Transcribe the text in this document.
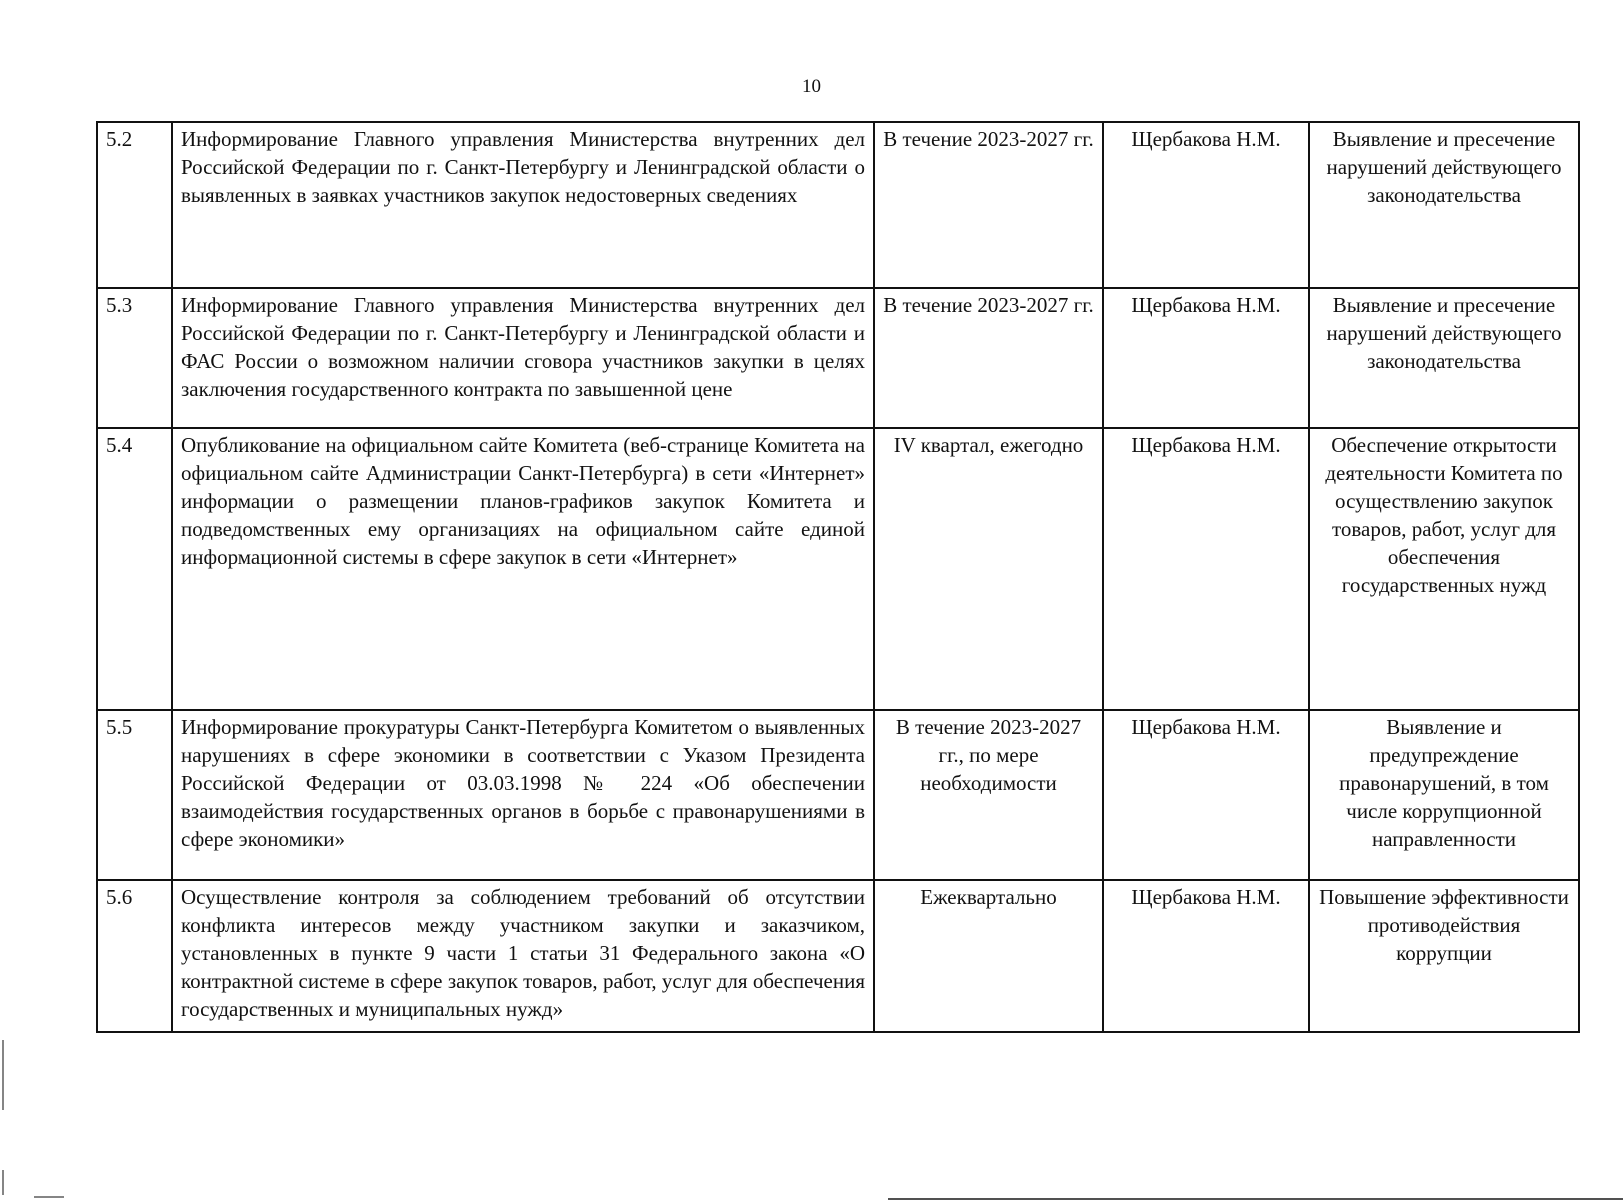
10
5.2	Информирование Главного управления Министерства внутренних дел Российской Федерации по г. Санкт-Петербургу и Ленинградской области о выявленных в заявках участников закупок недостоверных сведениях	В течение 2023-2027 гг.	Щербакова Н.М.	Выявление и пресечение нарушений действующего законодательства
5.3	Информирование Главного управления Министерства внутренних дел Российской Федерации по г. Санкт-Петербургу и Ленинградской области и ФАС России о возможном наличии сговора участников закупки в целях заключения государственного контракта по завышенной цене	В течение 2023-2027 гг.	Щербакова Н.М.	Выявление и пресечение нарушений действующего законодательства
5.4	Опубликование на официальном сайте Комитета (веб-странице Комитета на официальном сайте Администрации Санкт-Петербурга) в сети «Интернет» информации о размещении планов-графиков закупок Комитета и подведомственных ему организациях на официальном сайте единой информационной системы в сфере закупок в сети «Интернет»	IV квартал, ежегодно	Щербакова Н.М.	Обеспечение открытости деятельности Комитета по осуществлению закупок товаров, работ, услуг для обеспечения государственных нужд
5.5	Информирование прокуратуры Санкт-Петербурга Комитетом о выявленных нарушениях в сфере экономики в соответствии с Указом Президента Российской Федерации от 03.03.1998 № 224 «Об обеспечении взаимодействия государственных органов в борьбе с правонарушениями в сфере экономики»	В течение 2023-2027 гг., по мере необходимости	Щербакова Н.М.	Выявление и предупреждение правонарушений, в том числе коррупционной направленности
5.6	Осуществление контроля за соблюдением требований об отсутствии конфликта интересов между участником закупки и заказчиком, установленных в пункте 9 части 1 статьи 31 Федерального закона «О контрактной системе в сфере закупок товаров, работ, услуг для обеспечения государственных и муниципальных нужд»	Ежеквартально	Щербакова Н.М.	Повышение эффективности противодействия коррупции
